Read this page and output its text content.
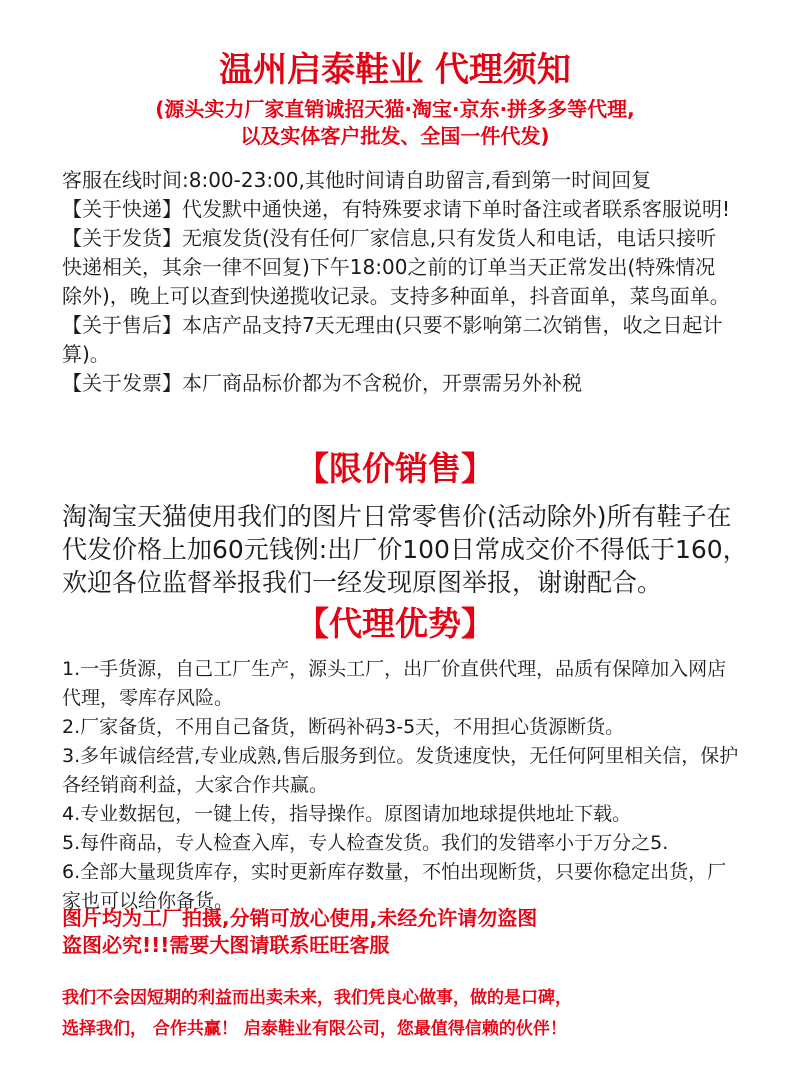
温州启泰鞋业 代理须知
(源头实力厂家直销诚招天猫·淘宝·京东·拼多多等代理,
以及实体客户批发、全国一件代发)

客服在线时间:8:00-23:00,其他时间请自助留言,看到第一时间回复

【关于快递】代发默中通快递，有特殊要求请下单时备注或者联系客服说明!

【关于发货】无痕发货(没有任何厂家信息,只有发货人和电话，电话只接听快递相关，其余一律不回复)下午18:00之前的订单当天正常发出(特殊情况除外)，晚上可以查到快递揽收记录。支持多种面单，抖音面单，菜鸟面单。

【关于售后】本店产品支持7天无理由(只要不影响第二次销售，收之日起计算)。

【关于发票】本厂商品标价都为不含税价，开票需另外补税

【限价销售】

淘淘宝天猫使用我们的图片日常零售价(活动除外)所有鞋子在代发价格上加60元钱例:出厂价100日常成交价不得低于160，欢迎各位监督举报我们一经发现原图举报，谢谢配合。

【代理优势】
1.一手货源，自己工厂生产，源头工厂，出厂价直供代理，品质有保障加入网店代理，零库存风险。
2.厂家备货，不用自己备货，断码补码3-5天，不用担心货源断货。
3.多年诚信经营,专业成熟,售后服务到位。发货速度快，无任何阿里相关信，保护各经销商利益，大家合作共赢。
4.专业数据包，一键上传，指导操作。原图请加地球提供地址下载。
5.每件商品，专人检查入库，专人检查发货。我们的发错率小于万分之5.
6.全部大量现货库存，实时更新库存数量，不怕出现断货，只要你稳定出货，厂家也可以给你备货。

图片均为工厂拍摄,分销可放心使用,未经允许请勿盗图

盗图必究!!!需要大图请联系旺旺客服

我们不会因短期的利益而出卖未来，我们凭良心做事，做的是口碑，

选择我们， 合作共赢！ 启泰鞋业有限公司，您最值得信赖的伙伴！
